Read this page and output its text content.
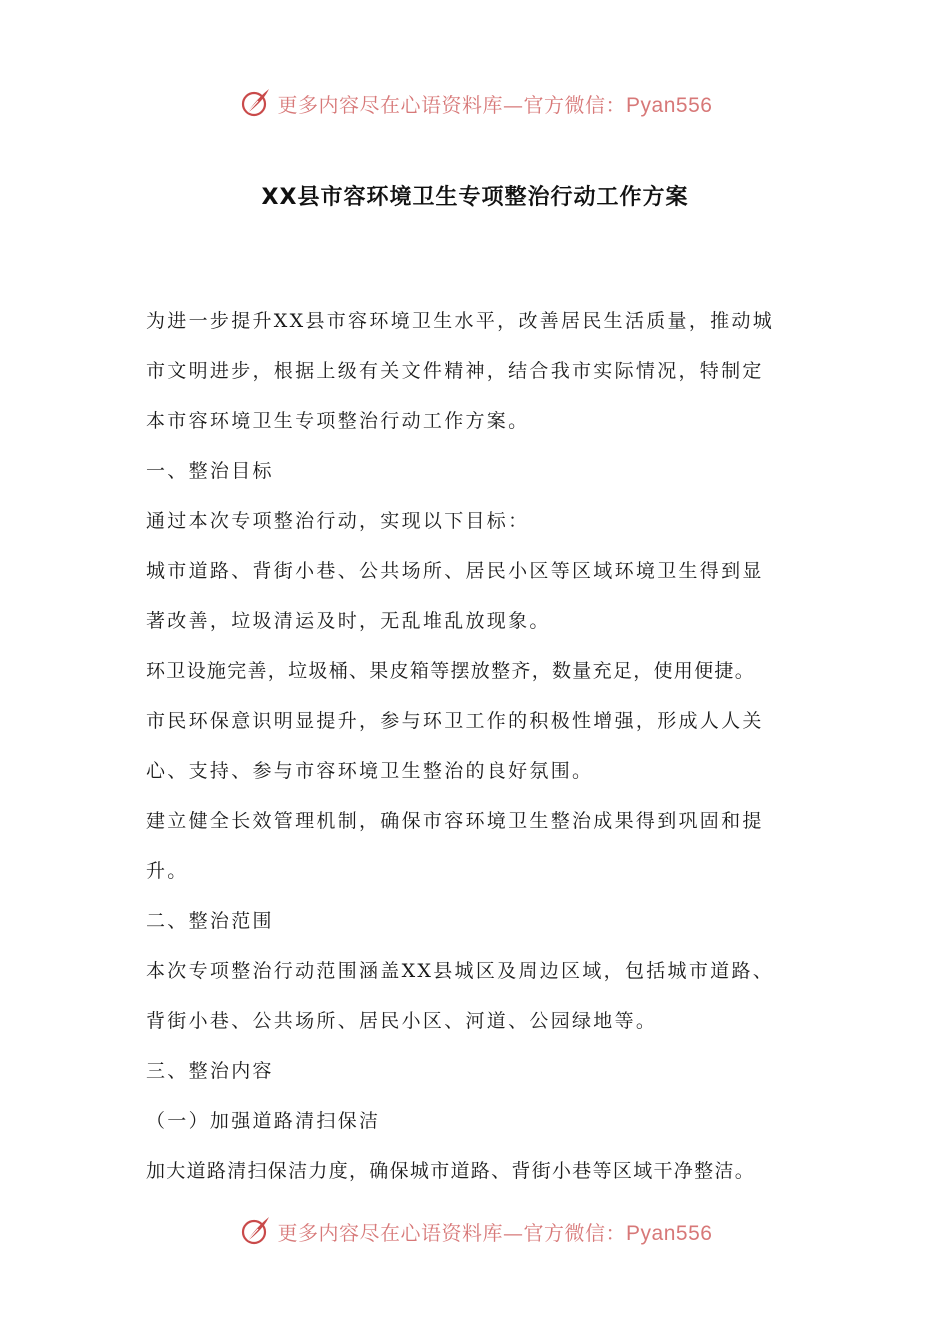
更多内容尽在心语资料库—官方微信：Pyan556
XX县市容环境卫生专项整治行动工作方案
为进一步提升XX县市容环境卫生水平，改善居民生活质量，推动城
市文明进步，根据上级有关文件精神，结合我市实际情况，特制定
本市容环境卫生专项整治行动工作方案。
一、整治目标
通过本次专项整治行动，实现以下目标：
城市道路、背街小巷、公共场所、居民小区等区域环境卫生得到显
著改善，垃圾清运及时，无乱堆乱放现象。
环卫设施完善，垃圾桶、果皮箱等摆放整齐，数量充足，使用便捷。
市民环保意识明显提升，参与环卫工作的积极性增强，形成人人关
心、支持、参与市容环境卫生整治的良好氛围。
建立健全长效管理机制，确保市容环境卫生整治成果得到巩固和提
升。
二、整治范围
本次专项整治行动范围涵盖XX县城区及周边区域，包括城市道路、
背街小巷、公共场所、居民小区、河道、公园绿地等。
三、整治内容
（一）加强道路清扫保洁
加大道路清扫保洁力度，确保城市道路、背街小巷等区域干净整洁。
更多内容尽在心语资料库—官方微信：Pyan556
